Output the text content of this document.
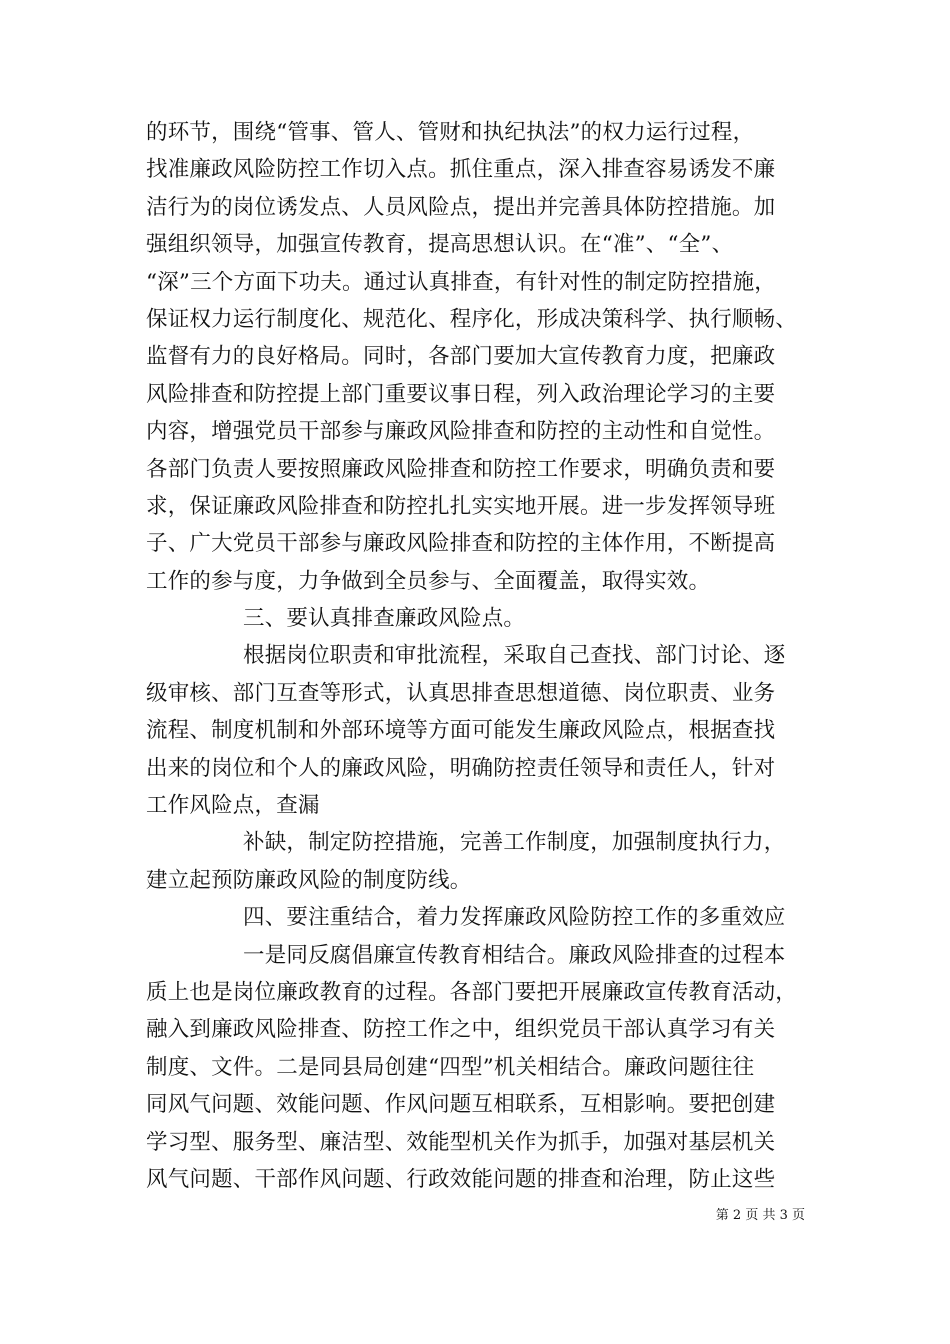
的环节，围绕“管事、管人、管财和执纪执法”的权力运行过程，
找准廉政风险防控工作切入点。抓住重点，深入排查容易诱发不廉
洁行为的岗位诱发点、人员风险点，提出并完善具体防控措施。加
强组织领导，加强宣传教育，提高思想认识。在“准”、“全”、
“深”三个方面下功夫。通过认真排查，有针对性的制定防控措施，
保证权力运行制度化、规范化、程序化，形成决策科学、执行顺畅、
监督有力的良好格局。同时，各部门要加大宣传教育力度，把廉政
风险排查和防控提上部门重要议事日程，列入政治理论学习的主要
内容，增强党员干部参与廉政风险排查和防控的主动性和自觉性。
各部门负责人要按照廉政风险排查和防控工作要求，明确负责和要
求，保证廉政风险排查和防控扎扎实实地开展。进一步发挥领导班
子、广大党员干部参与廉政风险排查和防控的主体作用，不断提高
工作的参与度，力争做到全员参与、全面覆盖，取得实效。
三、要认真排查廉政风险点。
根据岗位职责和审批流程，采取自己查找、部门讨论、逐
级审核、部门互查等形式，认真思排查思想道德、岗位职责、业务
流程、制度机制和外部环境等方面可能发生廉政风险点，根据查找
出来的岗位和个人的廉政风险，明确防控责任领导和责任人，针对
工作风险点，查漏
补缺，制定防控措施，完善工作制度，加强制度执行力，
建立起预防廉政风险的制度防线。
四、要注重结合，着力发挥廉政风险防控工作的多重效应
一是同反腐倡廉宣传教育相结合。廉政风险排查的过程本
质上也是岗位廉政教育的过程。各部门要把开展廉政宣传教育活动，
融入到廉政风险排查、防控工作之中，组织党员干部认真学习有关
制度、文件。二是同县局创建“四型”机关相结合。廉政问题往往
同风气问题、效能问题、作风问题互相联系，互相影响。要把创建
学习型、服务型、廉洁型、效能型机关作为抓手，加强对基层机关
风气问题、干部作风问题、行政效能问题的排查和治理，防止这些
第 2 页 共 3 页
